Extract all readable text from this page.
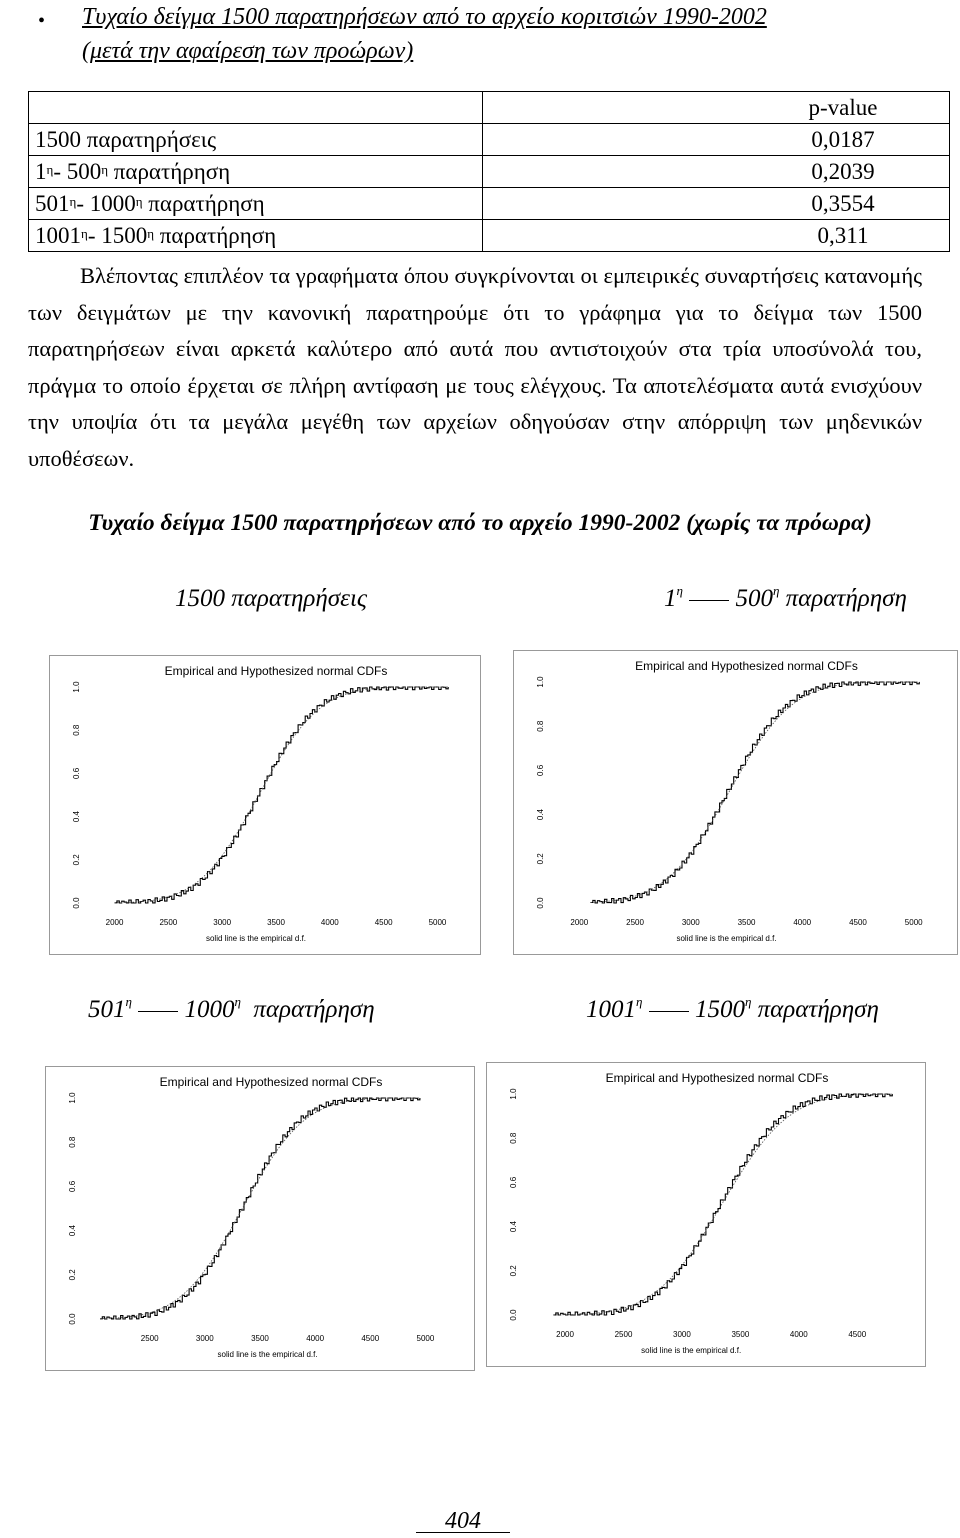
• Τυχαίο δείγμα 1500 παρατηρήσεων από το αρχείο κοριτσιών 1990-2002
(μετά την αφαίρεση των προώρων)
	p-value
1500 παρατηρήσεις	0,0187
$1^\eta-$ $500^\eta$ παρατήρηση	0,2039
$501^\eta-$ $1000^\eta$ παρατήρηση	0,3554
$1001^\eta-$ $1500^\eta$ παρατήρηση	0,311
Βλέποντας επιπλέον τα γραφήματα όπου συγκρίνονται οι εμπειρικές συναρτήσεις κατανομής των δειγμάτων με την κανονική παρατηρούμε ότι το γράφημα για το δείγμα των 1500 παρατηρήσεων είναι αρκετά καλύτερο από αυτά που αντιστοιχούν στα τρία υποσύνολά του, πράγμα το οποίο έρχεται σε πλήρη αντίφαση με τους ελέγχους. Τα αποτελέσματα αυτά ενισχύουν την υποψία ότι τα μεγάλα μεγέθη των αρχείων οδηγούσαν στην απόρριψη των μηδενικών υποθέσεων.
Τυχαίο δείγμα 1500 παρατηρήσεων από το αρχείο 1990-2002 (χωρίς τα πρόωρα)
1500 παρατηρήσεις	$1^\eta$ $500^\eta$ παρατήρηση
$501^\eta$ $1000^\eta$ παρατήρηση	$1001^\eta$ $1500^\eta$ παρατήρηση
Empirical and Hypothesized normal CDFs
0.0
0.2
0.4
0.6
0.8
1.0
2000	2500	3000	3500	4000	4500	5000
solid line is the empirical d.f.
Empirical and Hypothesized normal CDFs
0.0
0.2
0.4
0.6
0.8
1.0
2000	2500	3000	3500	4000	4500	5000
solid line is the empirical d.f.
Empirical and Hypothesized normal CDFs
0.0
0.2
0.4
0.6
0.8
1.0
2500	3000	3500	4000	4500	5000
solid line is the empirical d.f.
Empirical and Hypothesized normal CDFs
0.0
0.2
0.4
0.6
0.8
1.0
2000	2500	3000	3500	4000	4500
solid line is the empirical d.f.
404
